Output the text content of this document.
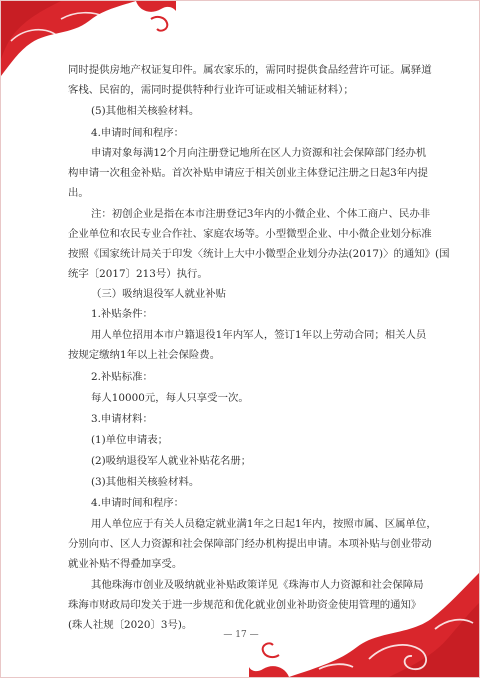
同时提供房地产权证复印件。属农家乐的，需同时提供食品经营许可证。属驿道
客栈、民宿的，需同时提供特种行业许可证或相关辅证材料）；
(5)其他相关核验材料。
4.申请时间和程序：
申请对象每满12个月向注册登记地所在区人力资源和社会保障部门经办机
构申请一次租金补贴。首次补贴申请应于相关创业主体登记注册之日起3年内提
出。
注：初创企业是指在本市注册登记3年内的小微企业、个体工商户、民办非
企业单位和农民专业合作社、家庭农场等。小型微型企业、中小微企业划分标准
按照《国家统计局关于印发〈统计上大中小微型企业划分办法(2017)〉的通知》(国
统字〔2017〕213号）执行。
（三）吸纳退役军人就业补贴
1.补贴条件：
用人单位招用本市户籍退役1年内军人，签订1年以上劳动合同；相关人员
按规定缴纳1年以上社会保险费。
2.补贴标准：
每人10000元，每人只享受一次。
3.申请材料：
(1)单位申请表；
(2)吸纳退役军人就业补贴花名册；
(3)其他相关核验材料。
4.申请时间和程序：
用人单位应于有关人员稳定就业满1年之日起1年内，按照市属、区属单位，
分别向市、区人力资源和社会保障部门经办机构提出申请。本项补贴与创业带动
就业补贴不得叠加享受。
其他珠海市创业及吸纳就业补贴政策详见《珠海市人力资源和社会保障局
珠海市财政局印发关于进一步规范和优化就业创业补助资金使用管理的通知》
(珠人社规〔2020〕3号)。
— 17 —
